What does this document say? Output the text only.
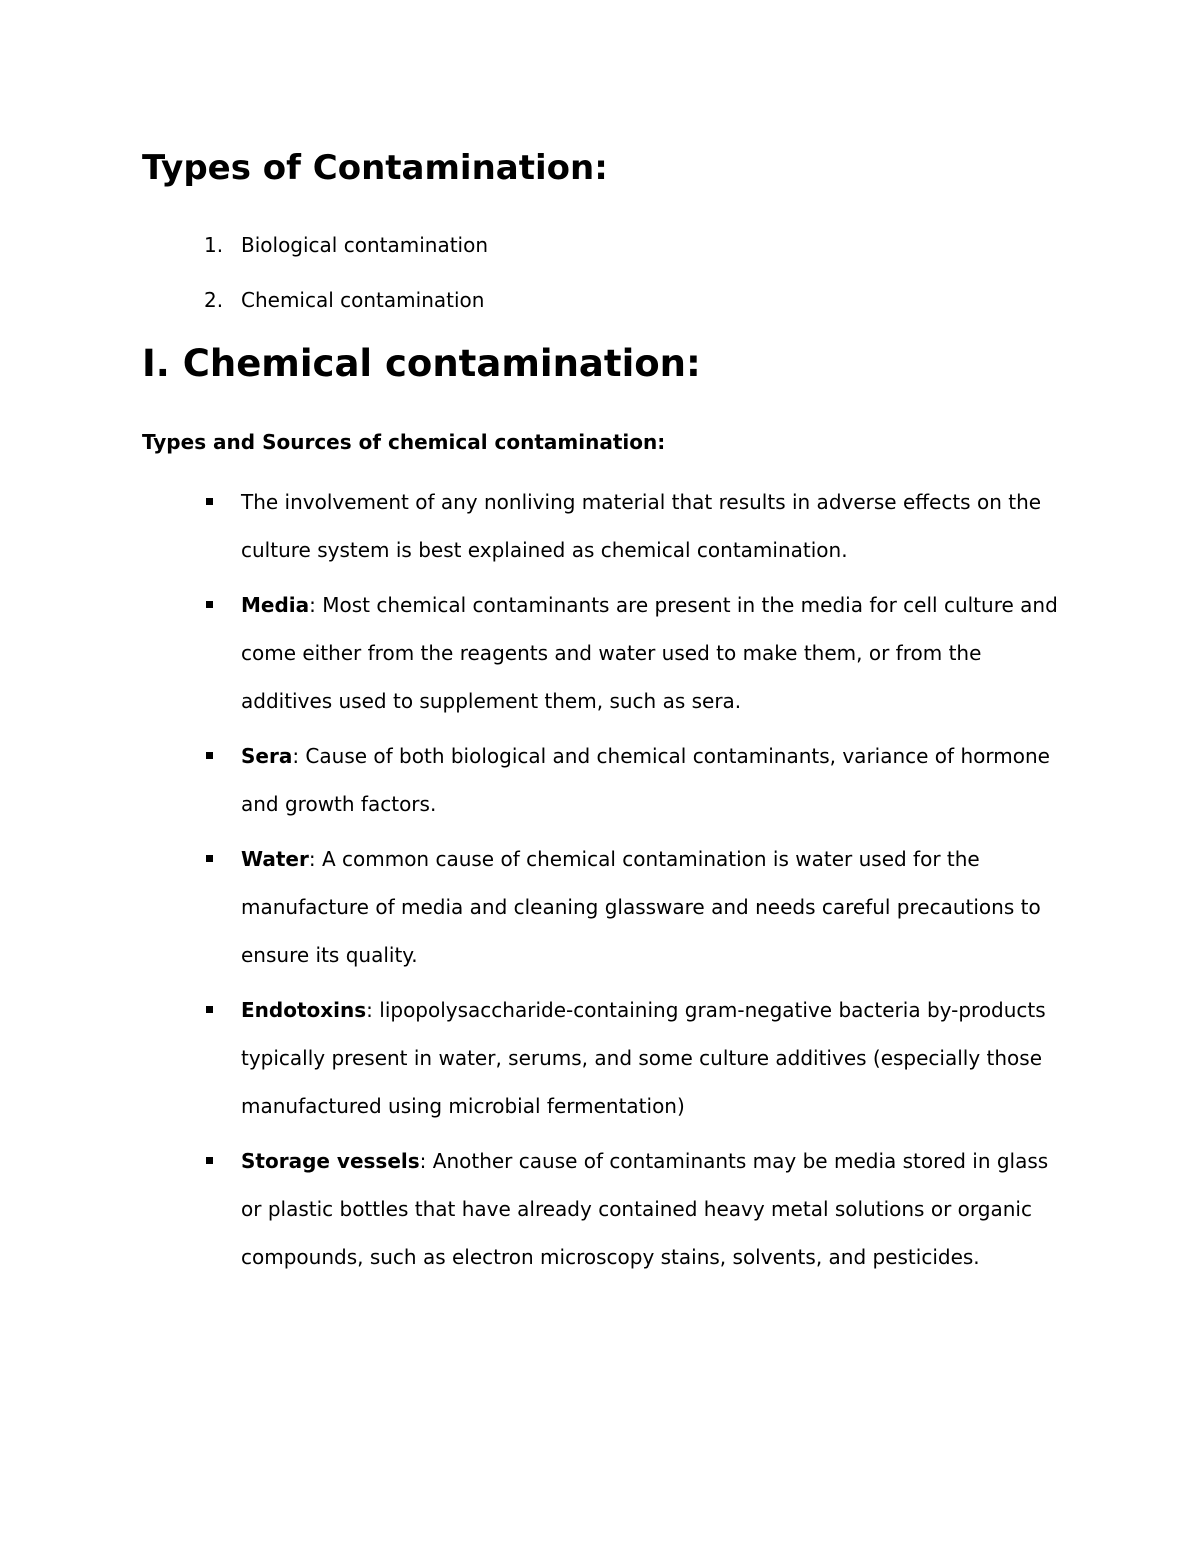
Types of Contamination:
1. Biological contamination
2. Chemical contamination
I. Chemical contamination:
Types and Sources of chemical contamination:
The involvement of any nonliving material that results in adverse effects on the culture system is best explained as chemical contamination.
Media: Most chemical contaminants are present in the media for cell culture and come either from the reagents and water used to make them, or from the additives used to supplement them, such as sera.
Sera: Cause of both biological and chemical contaminants, variance of hormone and growth factors.
Water: A common cause of chemical contamination is water used for the manufacture of media and cleaning glassware and needs careful precautions to ensure its quality.
Endotoxins: lipopolysaccharide-containing gram-negative bacteria by-products typically present in water, serums, and some culture additives (especially those manufactured using microbial fermentation)
Storage vessels: Another cause of contaminants may be media stored in glass or plastic bottles that have already contained heavy metal solutions or organic compounds, such as electron microscopy stains, solvents, and pesticides.
